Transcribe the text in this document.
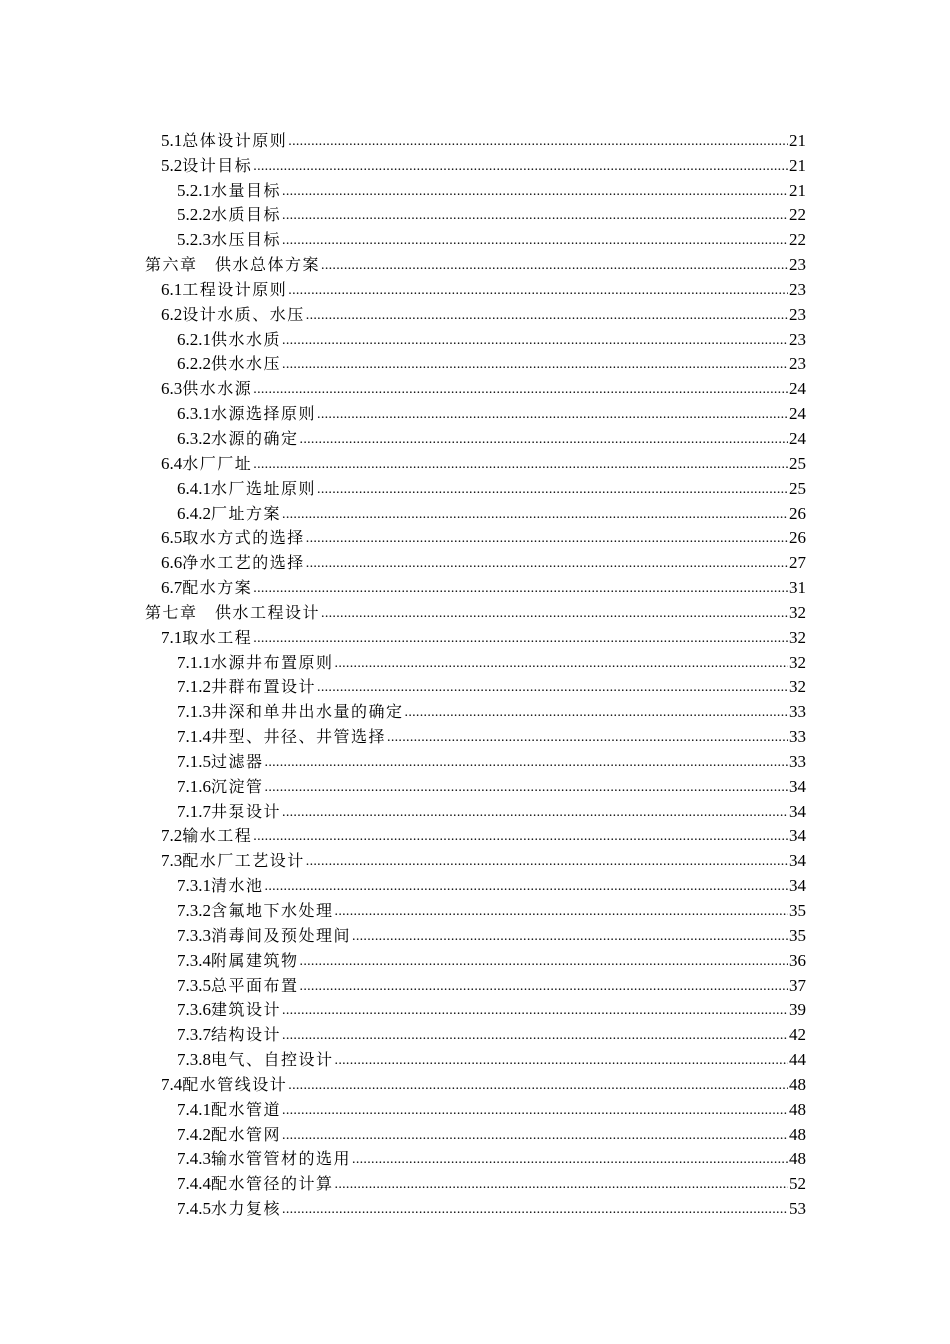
5.1 总体设计原则 .....	21
5.2 设计目标 .....	21
5.2.1 水量目标 .....	21
5.2.2 水质目标 .....	22
5.2.3 水压目标 .....	22
第六章　供水总体方案 .....	23
6.1 工程设计原则 .....	23
6.2 设计水质、水压 .....	23
6.2.1 供水水质 .....	23
6.2.2 供水水压 .....	23
6.3 供水水源 .....	24
6.3.1 水源选择原则 .....	24
6.3.2 水源的确定 .....	24
6.4 水厂厂址 .....	25
6.4.1 水厂选址原则 .....	25
6.4.2 厂址方案 .....	26
6.5 取水方式的选择 .....	26
6.6 净水工艺的选择 .....	27
6.7 配水方案 .....	31
第七章　供水工程设计 .....	32
7.1 取水工程 .....	32
7.1.1 水源井布置原则 .....	32
7.1.2 井群布置设计 .....	32
7.1.3 井深和单井出水量的确定 .....	33
7.1.4 井型、井径、井管选择 .....	33
7.1.5 过滤器 .....	33
7.1.6 沉淀管 .....	34
7.1.7 井泵设计 .....	34
7.2 输水工程 .....	34
7.3 配水厂工艺设计 .....	34
7.3.1 清水池 .....	34
7.3.2 含氟地下水处理 .....	35
7.3.3 消毒间及预处理间 .....	35
7.3.4 附属建筑物 .....	36
7.3.5 总平面布置 .....	37
7.3.6 建筑设计 .....	39
7.3.7 结构设计 .....	42
7.3.8 电气、自控设计 .....	44
7.4 配水管线设计 .....	48
7.4.1 配水管道 .....	48
7.4.2 配水管网 .....	48
7.4.3 输水管管材的选用 .....	48
7.4.4 配水管径的计算 .....	52
7.4.5 水力复核 .....	53
